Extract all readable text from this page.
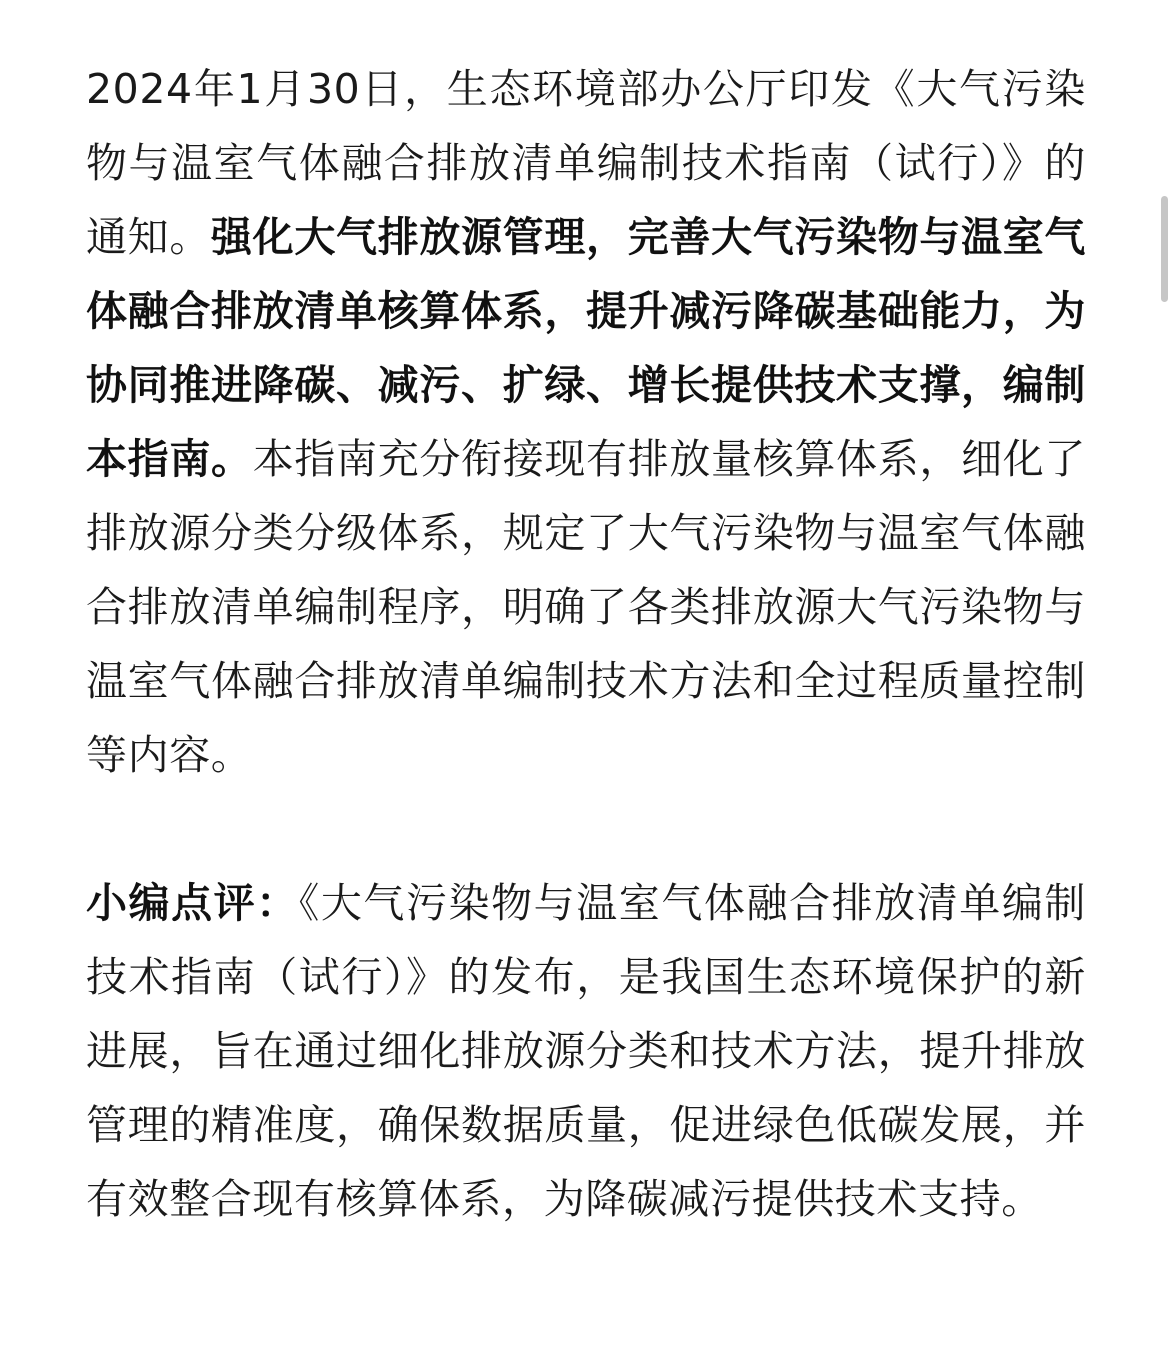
2024年1月30日，生态环境部办公厅印发《大气污染物与温室气体融合排放清单编制技术指南（试行）》的通知。强化大气排放源管理，完善大气污染物与温室气体融合排放清单核算体系，提升减污降碳基础能力，为协同推进降碳、减污、扩绿、增长提供技术支撑，编制本指南。本指南充分衔接现有排放量核算体系，细化了排放源分类分级体系，规定了大气污染物与温室气体融合排放清单编制程序，明确了各类排放源大气污染物与温室气体融合排放清单编制技术方法和全过程质量控制等内容。

小编点评：《大气污染物与温室气体融合排放清单编制技术指南（试行）》的发布，是我国生态环境保护的新进展，旨在通过细化排放源分类和技术方法，提升排放管理的精准度，确保数据质量，促进绿色低碳发展，并有效整合现有核算体系，为降碳减污提供技术支持。
